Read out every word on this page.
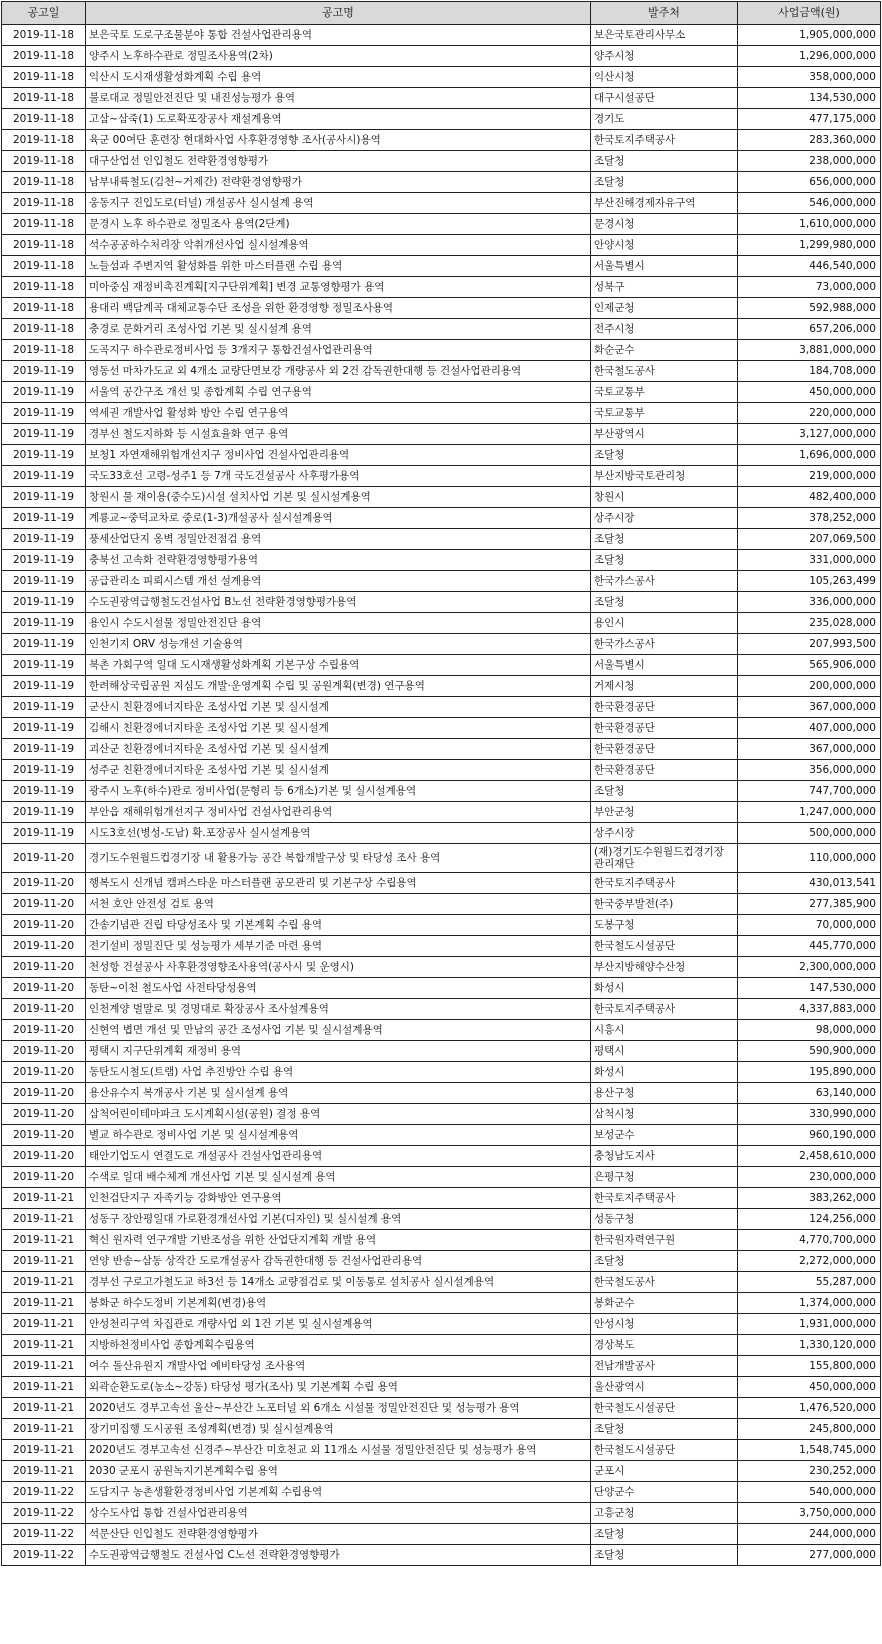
공고일	공고명	발주처	사업금액(원)
2019-11-18	보은국토 도로구조물분야 통합 건설사업관리용역	보은국토관리사무소	1,905,000,000
2019-11-18	양주시 노후하수관로 정밀조사용역(2차)	양주시청	1,296,000,000
2019-11-18	익산시 도시재생활성화계획 수립 용역	익산시청	358,000,000
2019-11-18	불로대교 정밀안전진단 및 내진성능평가 용역	대구시설공단	134,530,000
2019-11-18	고삼~삼죽(1) 도로확포장공사 재설계용역	경기도	477,175,000
2019-11-18	육군 00여단 훈련장 현대화사업 사후환경영향 조사(공사시)용역	한국토지주택공사	283,360,000
2019-11-18	대구산업선 인입철도 전략환경영향평가	조달청	238,000,000
2019-11-18	남부내륙철도(김천~거제간) 전략환경영향평가	조달청	656,000,000
2019-11-18	웅동지구 진입도로(터널) 개설공사 실시설계 용역	부산진해경제자유구역	546,000,000
2019-11-18	문경시 노후 하수관로 정밀조사 용역(2단계)	문경시청	1,610,000,000
2019-11-18	석수공공하수처리장 악취개선사업 실시설계용역	안양시청	1,299,980,000
2019-11-18	노들섬과 주변지역 활성화를 위한 마스터플랜 수립 용역	서울특별시	446,540,000
2019-11-18	미아중심 재정비촉진계획[지구단위계획] 변경 교통영향평가 용역	성북구	73,000,000
2019-11-18	용대리 백담계곡 대체교통수단 조성을 위한 환경영향 정밀조사용역	인제군청	592,988,000
2019-11-18	충경로 문화거리 조성사업 기본 및 실시설계 용역	전주시청	657,206,000
2019-11-18	도곡지구 하수관로정비사업 등 3개지구 통합건설사업관리용역	화순군수	3,881,000,000
2019-11-19	영동선 마차가도교 외 4개소 교량단면보강 개량공사 외 2건 감독권한대행 등 건설사업관리용역	한국철도공사	184,708,000
2019-11-19	서울역 공간구조 개선 및 종합계획 수립 연구용역	국토교통부	450,000,000
2019-11-19	역세권 개발사업 활성화 방안 수립 연구용역	국토교통부	220,000,000
2019-11-19	경부선 철도지하화 등 시설효율화 연구 용역	부산광역시	3,127,000,000
2019-11-19	보청1 자연재해위험개선지구 정비사업 건설사업관리용역	조달청	1,696,000,000
2019-11-19	국도33호선 고령-성주1 등 7개 국도건설공사 사후평가용역	부산지방국토관리청	219,000,000
2019-11-19	창원시 물 재이용(중수도)시설 설치사업 기본 및 실시설계용역	창원시	482,400,000
2019-11-19	계룡교~중덕교차로 중로(1-3)개설공사 실시설계용역	상주시장	378,252,000
2019-11-19	풍세산업단지 옹벽 정밀안전점검 용역	조달청	207,069,500
2019-11-19	충북선 고속화 전략환경영향평가용역	조달청	331,000,000
2019-11-19	공급관리소 피뢰시스템 개선 설계용역	한국가스공사	105,263,499
2019-11-19	수도권광역급행철도건설사업 B노선 전략환경영향평가용역	조달청	336,000,000
2019-11-19	용인시 수도시설물 정밀안전진단 용역	용인시	235,028,000
2019-11-19	인천기지 ORV 성능개선 기술용역	한국가스공사	207,993,500
2019-11-19	북촌 가회구역 일대 도시재생활성화계획 기본구상 수립용역	서울특별시	565,906,000
2019-11-19	한려해상국립공원 지심도 개발·운영계획 수립 및 공원계획(변경) 연구용역	거제시청	200,000,000
2019-11-19	군산시 친환경에너지타운 조성사업 기본 및 실시설계	한국환경공단	367,000,000
2019-11-19	김해시 친환경에너지타운 조성사업 기본 및 실시설계	한국환경공단	407,000,000
2019-11-19	괴산군 친환경에너지타운 조성사업 기본 및 실시설계	한국환경공단	367,000,000
2019-11-19	성주군 친환경에너지타운 조성사업 기본 및 실시설계	한국환경공단	356,000,000
2019-11-19	광주시 노후(하수)관로 정비사업(문형리 등 6개소)기본 및 실시설계용역	조달청	747,700,000
2019-11-19	부안읍 재해위험개선지구 정비사업 건설사업관리용역	부안군청	1,247,000,000
2019-11-19	시도3호선(병성-도남) 확.포장공사 실시설계용역	상주시장	500,000,000
2019-11-20	경기도수원월드컵경기장 내 활용가능 공간 복합개발구상 및 타당성 조사 용역	(재)경기도수원월드컵경기장관리재단	110,000,000
2019-11-20	행복도시 신개념 캠퍼스타운 마스터플랜 공모관리 및 기본구상 수립용역	한국토지주택공사	430,013,541
2019-11-20	서천 호안 안전성 검토 용역	한국중부발전(주)	277,385,900
2019-11-20	간송기념관 건립 타당성조사 및 기본계획 수립 용역	도봉구청	70,000,000
2019-11-20	전기설비 정밀진단 및 성능평가 세부기준 마련 용역	한국철도시설공단	445,770,000
2019-11-20	천성항 건설공사 사후환경영향조사용역(공사시 및 운영시)	부산지방해양수산청	2,300,000,000
2019-11-20	동탄~이천 철도사업 사전타당성용역	화성시	147,530,000
2019-11-20	인천계양 벌말로 및 경명대로 확장공사 조사설계용역	한국토지주택공사	4,337,883,000
2019-11-20	신현역 볍면 개선 및 만남의 공간 조성사업 기본 및 실시설계용역	시흥시	98,000,000
2019-11-20	평택시 지구단위계획 재정비 용역	평택시	590,900,000
2019-11-20	동탄도시철도(트램) 사업 추진방안 수립 용역	화성시	195,890,000
2019-11-20	용산유수지 복개공사 기본 및 실시설계 용역	용산구청	63,140,000
2019-11-20	삼척어린이테마파크 도시계획시설(공원) 결정 용역	삼척시청	330,990,000
2019-11-20	별교 하수관로 정비사업 기본 및 실시설계용역	보성군수	960,190,000
2019-11-20	태안기업도시 연결도로 개설공사 건설사업관리용역	충청남도지사	2,458,610,000
2019-11-20	수색로 일대 배수체계 개선사업 기본 및 실시설계 용역	은평구청	230,000,000
2019-11-21	인천검단지구 자족기능 강화방안 연구용역	한국토지주택공사	383,262,000
2019-11-21	성동구 장안평일대 가로환경개선사업 기본(디자인) 및 실시설계 용역	성동구청	124,256,000
2019-11-21	혁신 원자력 연구개발 기반조성을 위한 산업단지계획 개발 용역	한국원자력연구원	4,770,700,000
2019-11-21	연양 반송~삼동 상작간 도로개설공사 감독권한대행 등 건설사업관리용역	조달청	2,272,000,000
2019-11-21	경부선 구로고가철도교 하3선 등 14개소 교량점검로 및 이동통로 설치공사 실시설계용역	한국철도공사	55,287,000
2019-11-21	봉화군 하수도정비 기본계획(변경)용역	봉화군수	1,374,000,000
2019-11-21	안성천리구역 차집관로 개량사업 외 1건 기본 및 실시설계용역	안성시청	1,931,000,000
2019-11-21	지방하천정비사업 종합계획수립용역	경상북도	1,330,120,000
2019-11-21	여수 돌산유원지 개발사업 예비타당성 조사용역	전남개발공사	155,800,000
2019-11-21	외곽순환도로(농소~강동) 타당성 평가(조사) 및 기본계획 수립 용역	울산광역시	450,000,000
2019-11-21	2020년도 경부고속선 울산~부산간 노포터널 외 6개소 시설물 정밀안전진단 및 성능평가 용역	한국철도시설공단	1,476,520,000
2019-11-21	장기미집행 도시공원 조성계획(변경) 및 실시설계용역	조달청	245,800,000
2019-11-21	2020년도 경부고속선 신경주~부산간 미호천교 외 11개소 시설물 정밀안전진단 및 성능평가 용역	한국철도시설공단	1,548,745,000
2019-11-21	2030 군포시 공원녹지기본계획수립 용역	군포시	230,252,000
2019-11-22	도담지구 농촌생활환경정비사업 기본계획 수립용역	단양군수	540,000,000
2019-11-22	상수도사업 통합 건설사업관리용역	고흥군청	3,750,000,000
2019-11-22	석문산단 인입철도 전략환경영향평가	조달청	244,000,000
2019-11-22	수도권광역급행철도 건설사업 C노선 전략환경영향평가	조달청	277,000,000
